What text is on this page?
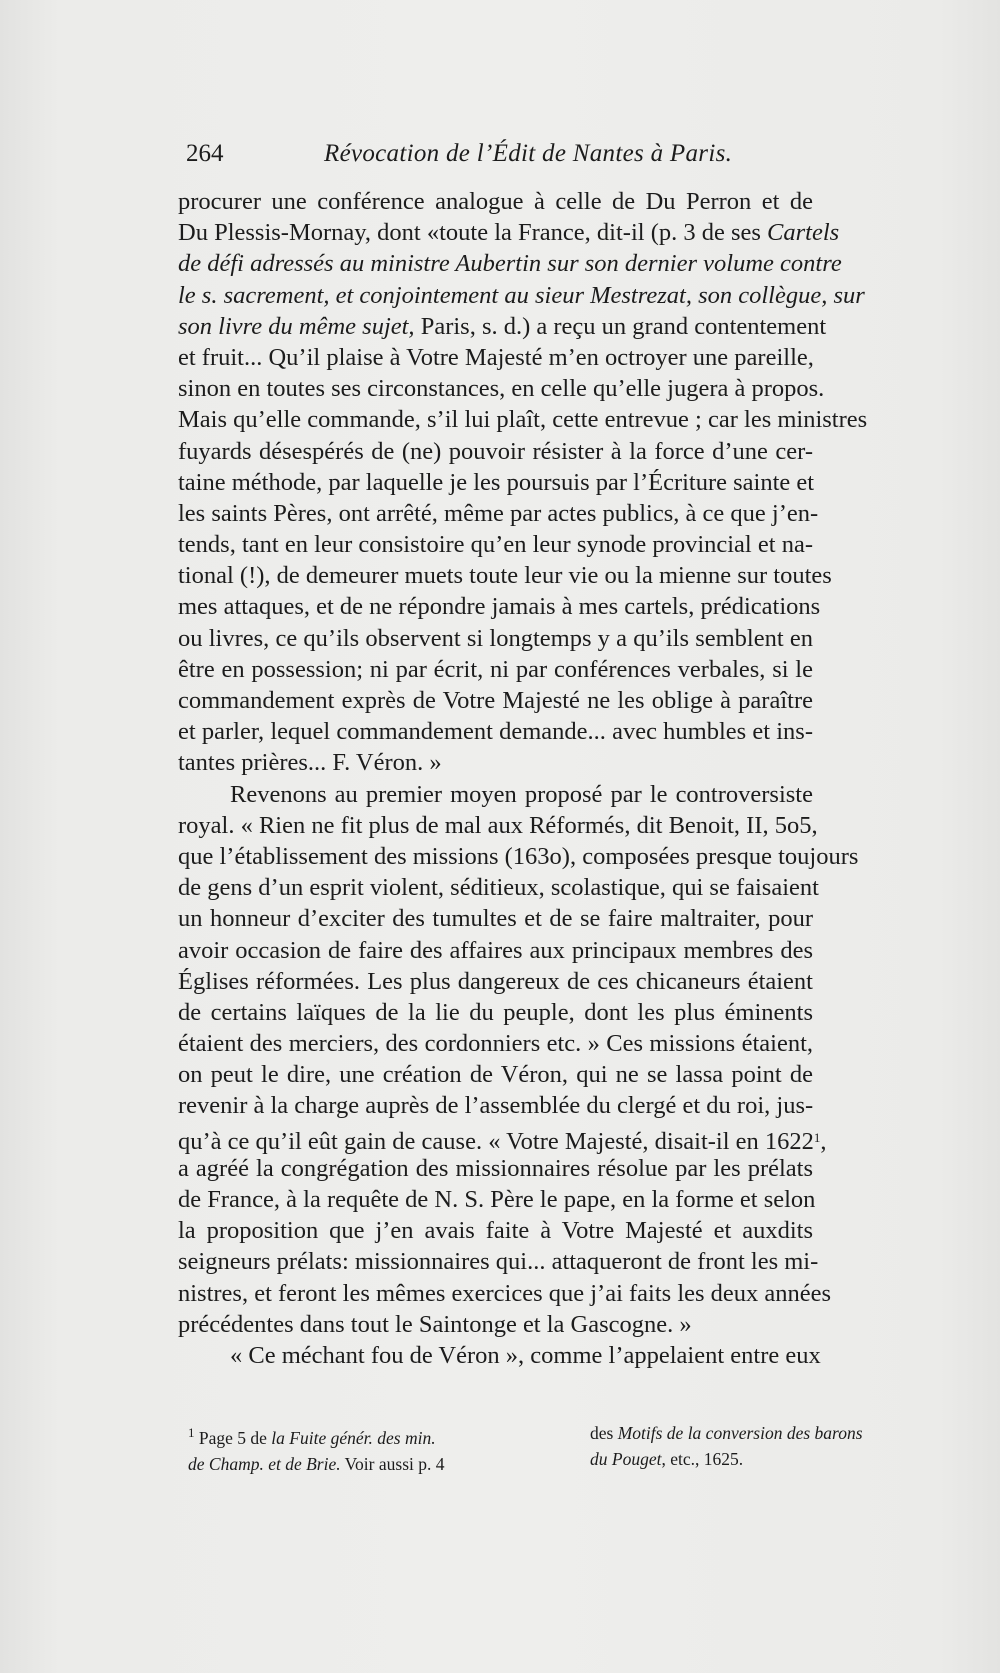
264	Révocation de l’Édit de Nantes à Paris.
procurer une conférence analogue à celle de Du Perron et de
Du Plessis-Mornay, dont «toute la France, dit-il (p. 3 de ses Cartels
de défi adressés au ministre Aubertin sur son dernier volume contre
le s. sacrement, et conjointement au sieur Mestrezat, son collègue, sur
son livre du même sujet, Paris, s. d.) a reçu un grand contentement
et fruit... Qu’il plaise à Votre Majesté m’en octroyer une pareille,
sinon en toutes ses circonstances, en celle qu’elle jugera à propos.
Mais qu’elle commande, s’il lui plaît, cette entrevue ; car les ministres
fuyards désespérés de (ne) pouvoir résister à la force d’une cer-
taine méthode, par laquelle je les poursuis par l’Écriture sainte et
les saints Pères, ont arrêté, même par actes publics, à ce que j’en-
tends, tant en leur consistoire qu’en leur synode provincial et na-
tional (!), de demeurer muets toute leur vie ou la mienne sur toutes
mes attaques, et de ne répondre jamais à mes cartels, prédications
ou livres, ce qu’ils observent si longtemps y a qu’ils semblent en
être en possession; ni par écrit, ni par conférences verbales, si le
commandement exprès de Votre Majesté ne les oblige à paraître
et parler, lequel commandement demande... avec humbles et ins-
tantes prières... F. Véron. »
Revenons au premier moyen proposé par le controversiste
royal. « Rien ne fit plus de mal aux Réformés, dit Benoit, II, 5o5,
que l’établissement des missions (163o), composées presque toujours
de gens d’un esprit violent, séditieux, scolastique, qui se faisaient
un honneur d’exciter des tumultes et de se faire maltraiter, pour
avoir occasion de faire des affaires aux principaux membres des
Églises réformées. Les plus dangereux de ces chicaneurs étaient
de certains laïques de la lie du peuple, dont les plus éminents
étaient des merciers, des cordonniers etc. » Ces missions étaient,
on peut le dire, une création de Véron, qui ne se lassa point de
revenir à la charge auprès de l’assemblée du clergé et du roi, jus-
qu’à ce qu’il eût gain de cause. « Votre Majesté, disait-il en 1622$^1$,
a agréé la congrégation des missionnaires résolue par les prélats
de France, à la requête de N. S. Père le pape, en la forme et selon
la proposition que j’en avais faite à Votre Majesté et auxdits
seigneurs prélats: missionnaires qui... attaqueront de front les mi-
nistres, et feront les mêmes exercices que j’ai faits les deux années
précédentes dans tout le Saintonge et la Gascogne. »
« Ce méchant fou de Véron », comme l’appelaient entre eux
$^1$ Page 5 de la Fuite génér. des min.
de Champ. et de Brie. Voir aussi p. 4
des Motifs de la conversion des barons
du Pouget, etc., 1625.
